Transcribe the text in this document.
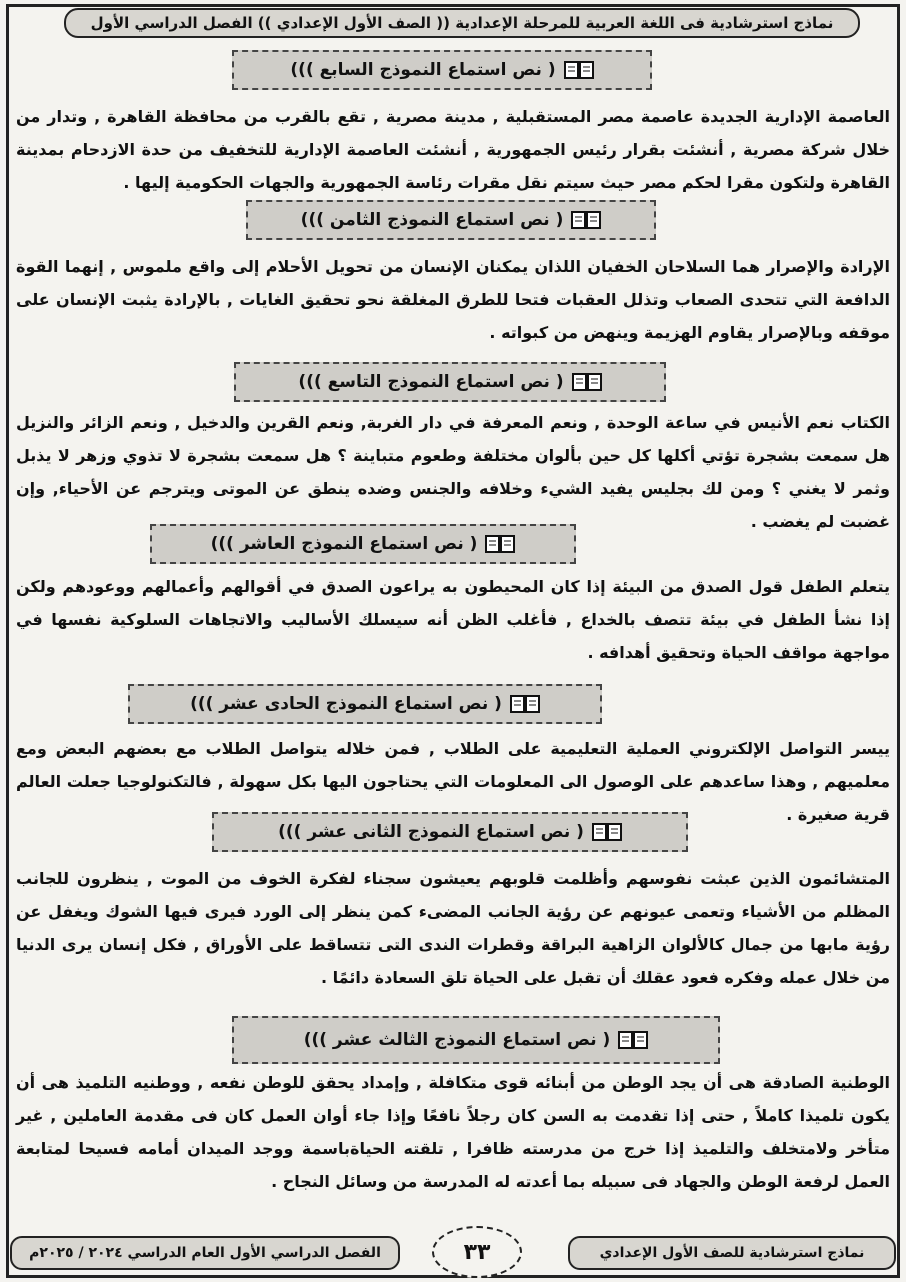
نماذج استرشادية فى اللغة العربية للمرحلة الإعدادية (( الصف الأول الإعدادي )) الفصل الدراسي الأول
( نص استماع النموذج السابع )))

العاصمة الإدارية الجديدة عاصمة مصر المستقبلية , مدينة مصرية , تقع بالقرب من محافظة القاهرة , وتدار من خلال شركة مصرية , أنشئت بقرار رئيس الجمهورية , أنشئت العاصمة الإدارية للتخفيف من حدة الازدحام بمدينة القاهرة ولتكون مقرا لحكم مصر حيث سيتم نقل مقرات رئاسة الجمهورية والجهات الحكومية إليها .

( نص استماع النموذج الثامن )))

الإرادة والإصرار هما السلاحان الخفيان اللذان يمكنان الإنسان من تحويل الأحلام إلى واقع ملموس , إنهما القوة الدافعة التي تتحدى الصعاب وتذلل العقبات فتحا للطرق المغلقة نحو تحقيق الغايات , بالإرادة يثبت الإنسان على موقفه وبالإصرار يقاوم الهزيمة وينهض من كبواته .

( نص استماع النموذج التاسع )))

الكتاب نعم الأنيس في ساعة الوحدة , ونعم المعرفة في دار الغربة, ونعم القرين والدخيل , ونعم الزائر والنزيل هل سمعت بشجرة تؤتي أكلها كل حين بألوان مختلفة وطعوم متباينة ؟ هل سمعت بشجرة لا تذوي وزهر لا يذبل وثمر لا يغني ؟ ومن لك بجليس يفيد الشيء وخلافه والجنس وضده ينطق عن الموتى ويترجم عن الأحياء, وإن غضبت لم يغضب .

( نص استماع النموذج العاشر )))

يتعلم الطفل قول الصدق من البيئة إذا كان المحيطون به يراعون الصدق في أقوالهم وأعمالهم ووعودهم ولكن إذا نشأ الطفل في بيئة تتصف بالخداع , فأغلب الظن أنه سيسلك الأساليب والاتجاهات السلوكية نفسها في مواجهة مواقف الحياة وتحقيق أهدافه .

( نص استماع النموذج الحادى عشر )))

ييسر التواصل الإلكتروني العملية التعليمية على الطلاب , فمن خلاله يتواصل الطلاب مع بعضهم البعض ومع معلميهم , وهذا ساعدهم على الوصول الى المعلومات التي يحتاجون اليها بكل سهولة , فالتكنولوجيا جعلت العالم قرية صغيرة .

( نص استماع النموذج الثانى عشر )))

المتشائمون الذين عبثت نفوسهم وأظلمت قلوبهم يعيشون سجناء لفكرة الخوف من الموت , ينظرون للجانب المظلم من الأشياء وتعمى عيونهم عن رؤية الجانب المضىء كمن ينظر إلى الورد فيرى فيها الشوك ويغفل عن رؤية مابها من جمال كالألوان الزاهية البراقة وقطرات الندى التى تتساقط على الأوراق , فكل إنسان يرى الدنيا من خلال عمله وفكره فعود عقلك أن تقبل على الحياة تلق السعادة دائمًا .

( نص استماع النموذج الثالث عشر )))

الوطنية الصادقة هى أن يجد الوطن من أبنائه قوى متكافلة , وإمداد يحقق للوطن نفعه , ووطنيه التلميذ هى أن يكون تلميذا كاملاً , حتى إذا تقدمت به السن كان رجلاً نافعًا وإذا جاء أوان العمل كان فى مقدمة العاملين , غير متأخر ولامتخلف والتلميذ إذا خرج من مدرسته ظافرا , تلقته الحياةباسمة ووجد الميدان أمامه فسيحا لمتابعة العمل لرفعة الوطن والجهاد فى سبيله بما أعدته له المدرسة من وسائل النجاح .

نماذج استرشادية للصف الأول الإعدادي
٣٣
الفصل الدراسي الأول العام الدراسي ٢٠٢٤ / ٢٠٢٥م
